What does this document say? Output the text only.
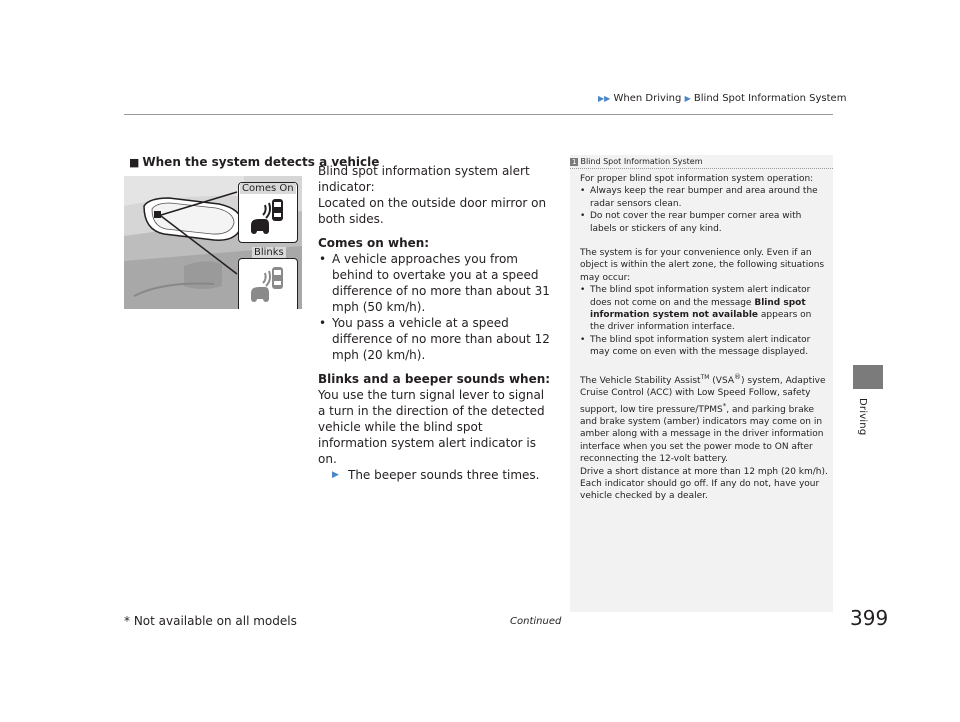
▶▶ When Driving ▶ Blind Spot Information System
Driving
■ When the system detects a vehicle
Comes On
Blinks

Blind spot information system alert indicator:

Located on the outside door mirror on both sides.

Comes on when:

• A vehicle approaches you from behind to overtake you at a speed difference of no more than about 31 mph (50 km/h).

• You pass a vehicle at a speed difference of no more than about 12 mph (20 km/h).

Blinks and a beeper sounds when:

You use the turn signal lever to signal a turn in the direction of the detected vehicle while the blind spot information system alert indicator is on.

▶ The beeper sounds three times.

1 Blind Spot Information System

For proper blind spot information system operation:

• Always keep the rear bumper and area around the radar sensors clean.

• Do not cover the rear bumper corner area with labels or stickers of any kind.

The system is for your convenience only. Even if an object is within the alert zone, the following situations may occur:

• The blind spot information system alert indicator does not come on and the message Blind spot information system not available appears on the driver information interface.

• The blind spot information system alert indicator may come on even with the message displayed.

The Vehicle Stability Assist™ (VSA®) system, Adaptive Cruise Control (ACC) with Low Speed Follow, safety support, low tire pressure/TPMS*, and parking brake and brake system (amber) indicators may come on in amber along with a message in the driver information interface when you set the power mode to ON after reconnecting the 12-volt battery.

Drive a short distance at more than 12 mph (20 km/h). Each indicator should go off. If any do not, have your vehicle checked by a dealer.

* Not available on all models	Continued	399
